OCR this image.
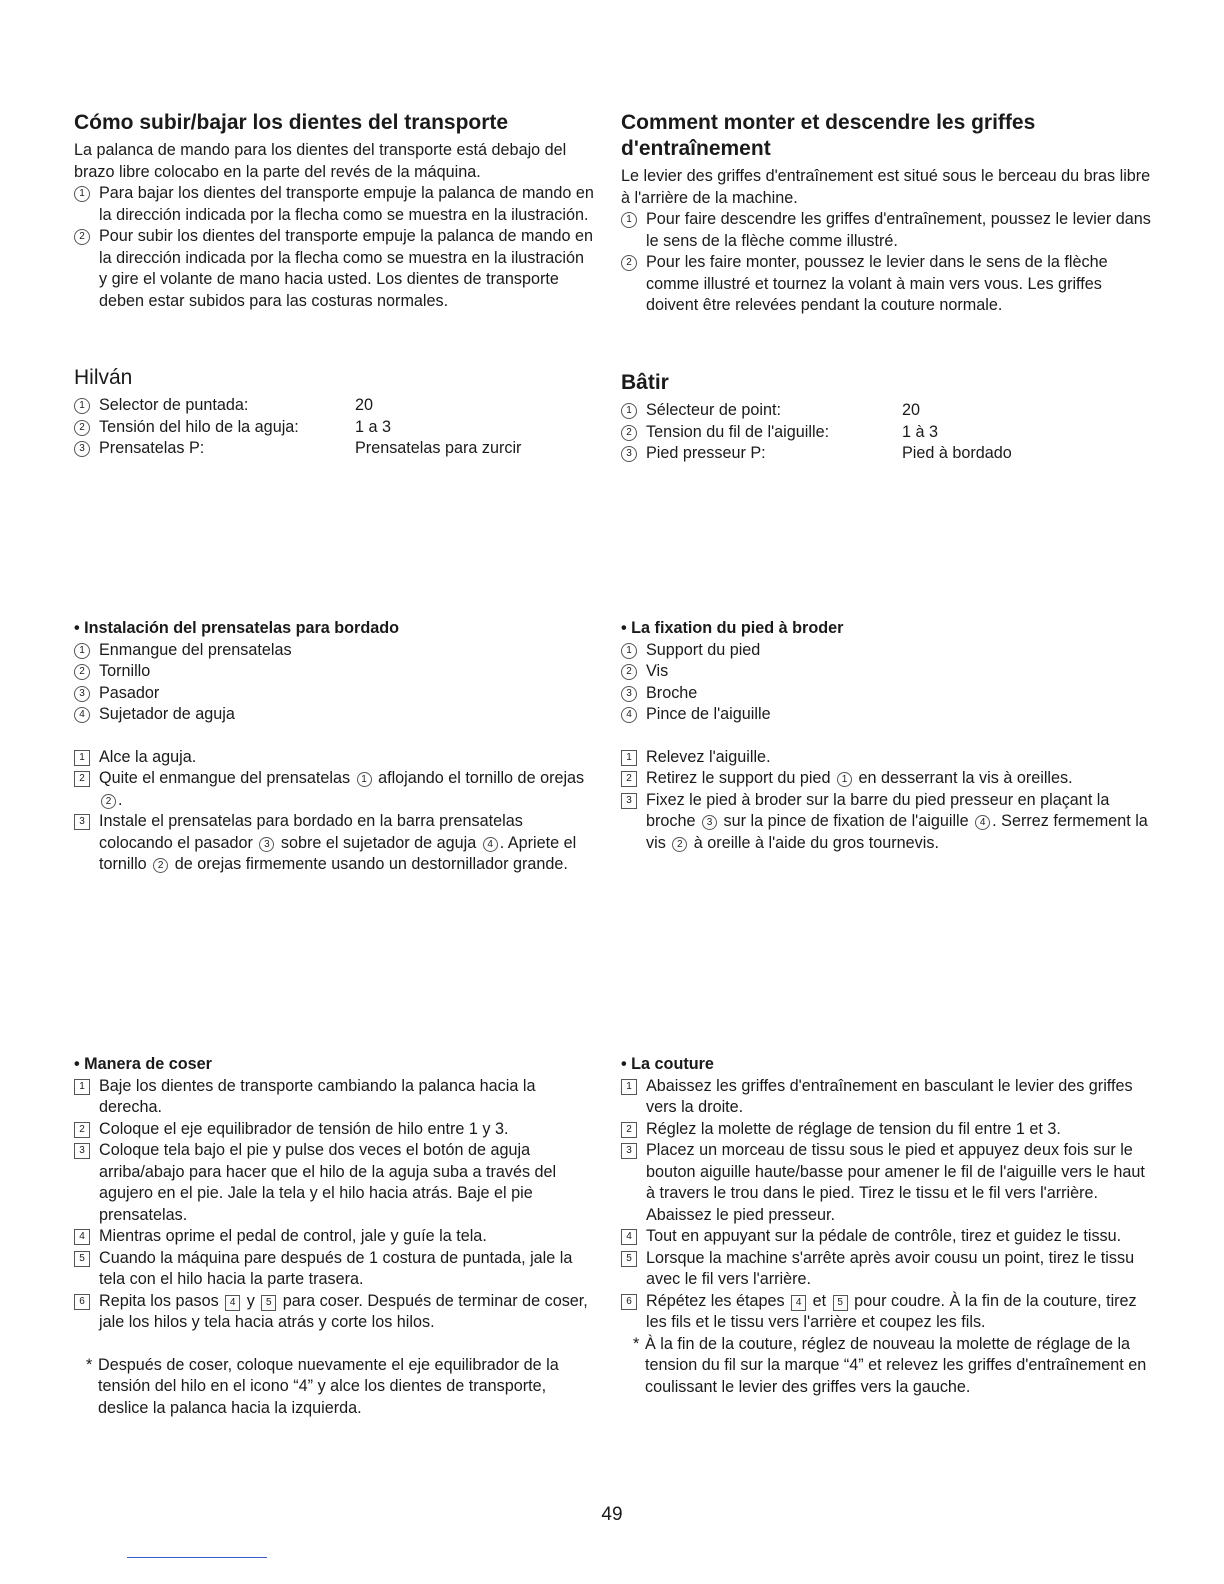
Cómo subir/bajar los dientes del transporte

La palanca de mando para los dientes del transporte está debajo del brazo libre colocabo en la parte del revés de la máquina.

1 Para bajar los dientes del transporte empuje la palanca de mando en la dirección indicada por la flecha como se muestra en la ilustración.
2 Pour subir los dientes del transporte empuje la palanca de mando en la dirección indicada por la flecha como se muestra en la ilustración y gire el volante de mano hacia usted. Los dientes de transporte deben estar subidos para las costuras normales.
Comment monter et descendre les griffes d'entraînement

Le levier des griffes d'entraînement est situé sous le berceau du bras libre à l'arrière de la machine.

1 Pour faire descendre les griffes d'entraînement, poussez le levier dans le sens de la flèche comme illustré.
2 Pour les faire monter, poussez le levier dans le sens de la flèche comme illustré et tournez la volant à main vers vous. Les griffes doivent être relevées pendant la couture normale.
Hilván
1 Selector de puntada:	20
2 Tensión del hilo de la aguja:	1 a 3
3 Prensatelas P:	Prensatelas para zurcir
Bâtir
1 Sélecteur de point:	20
2 Tension du fil de l'aiguille:	1 à 3
3 Pied presseur P:	Pied à bordado
• Instalación del prensatelas para bordado
1 Enmangue del prensatelas
2 Tornillo
3 Pasador
4 Sujetador de aguja
1 Alce la aguja.
2 Quite el enmangue del prensatelas 1 aflojando el tornillo de orejas 2 .
3 Instale el prensatelas para bordado en la barra prensatelas colocando el pasador 3 sobre el sujetador de aguja 4 . Apriete el tornillo 2 de orejas firmemente usando un destornillador grande.
• La fixation du pied à broder
1 Support du pied
2 Vis
3 Broche
4 Pince de l'aiguille
1 Relevez l'aiguille.
2 Retirez le support du pied 1 en desserrant la vis à oreilles.
3 Fixez le pied à broder sur la barre du pied presseur en plaçant la broche 3 sur la pince de fixation de l'aiguille 4 . Serrez fermement la vis 2 à oreille à l'aide du gros tournevis.
• Manera de coser
1 Baje los dientes de transporte cambiando la palanca hacia la derecha.
2 Coloque el eje equilibrador de tensión de hilo entre 1 y 3.
3 Coloque tela bajo el pie y pulse dos veces el botón de aguja arriba/abajo para hacer que el hilo de la aguja suba a través del agujero en el pie. Jale la tela y el hilo hacia atrás. Baje el pie prensatelas.
4 Mientras oprime el pedal de control, jale y guíe la tela.
5 Cuando la máquina pare después de 1 costura de puntada, jale la tela con el hilo hacia la parte trasera.
6 Repita los pasos 4 y 5 para coser. Después de terminar de coser, jale los hilos y tela hacia atrás y corte los hilos.
* Después de coser, coloque nuevamente el eje equilibrador de la tensión del hilo en el icono “4” y alce los dientes de transporte, deslice la palanca hacia la izquierda.
• La couture
1 Abaissez les griffes d'entraînement en basculant le levier des griffes vers la droite.
2 Réglez la molette de réglage de tension du fil entre 1 et 3.
3 Placez un morceau de tissu sous le pied et appuyez deux fois sur le bouton aiguille haute/basse pour amener le fil de l'aiguille vers le haut à travers le trou dans le pied. Tirez le tissu et le fil vers l'arrière. Abaissez le pied presseur.
4 Tout en appuyant sur la pédale de contrôle, tirez et guidez le tissu.
5 Lorsque la machine s'arrête après avoir cousu un point, tirez le tissu avec le fil vers l'arrière.
6 Répétez les étapes 4 et 5 pour coudre. À la fin de la couture, tirez les fils et le tissu vers l'arrière et coupez les fils.
* À la fin de la couture, réglez de nouveau la molette de réglage de la tension du fil sur la marque “4” et relevez les griffes d'entraînement en coulissant le levier des griffes vers la gauche.
49
